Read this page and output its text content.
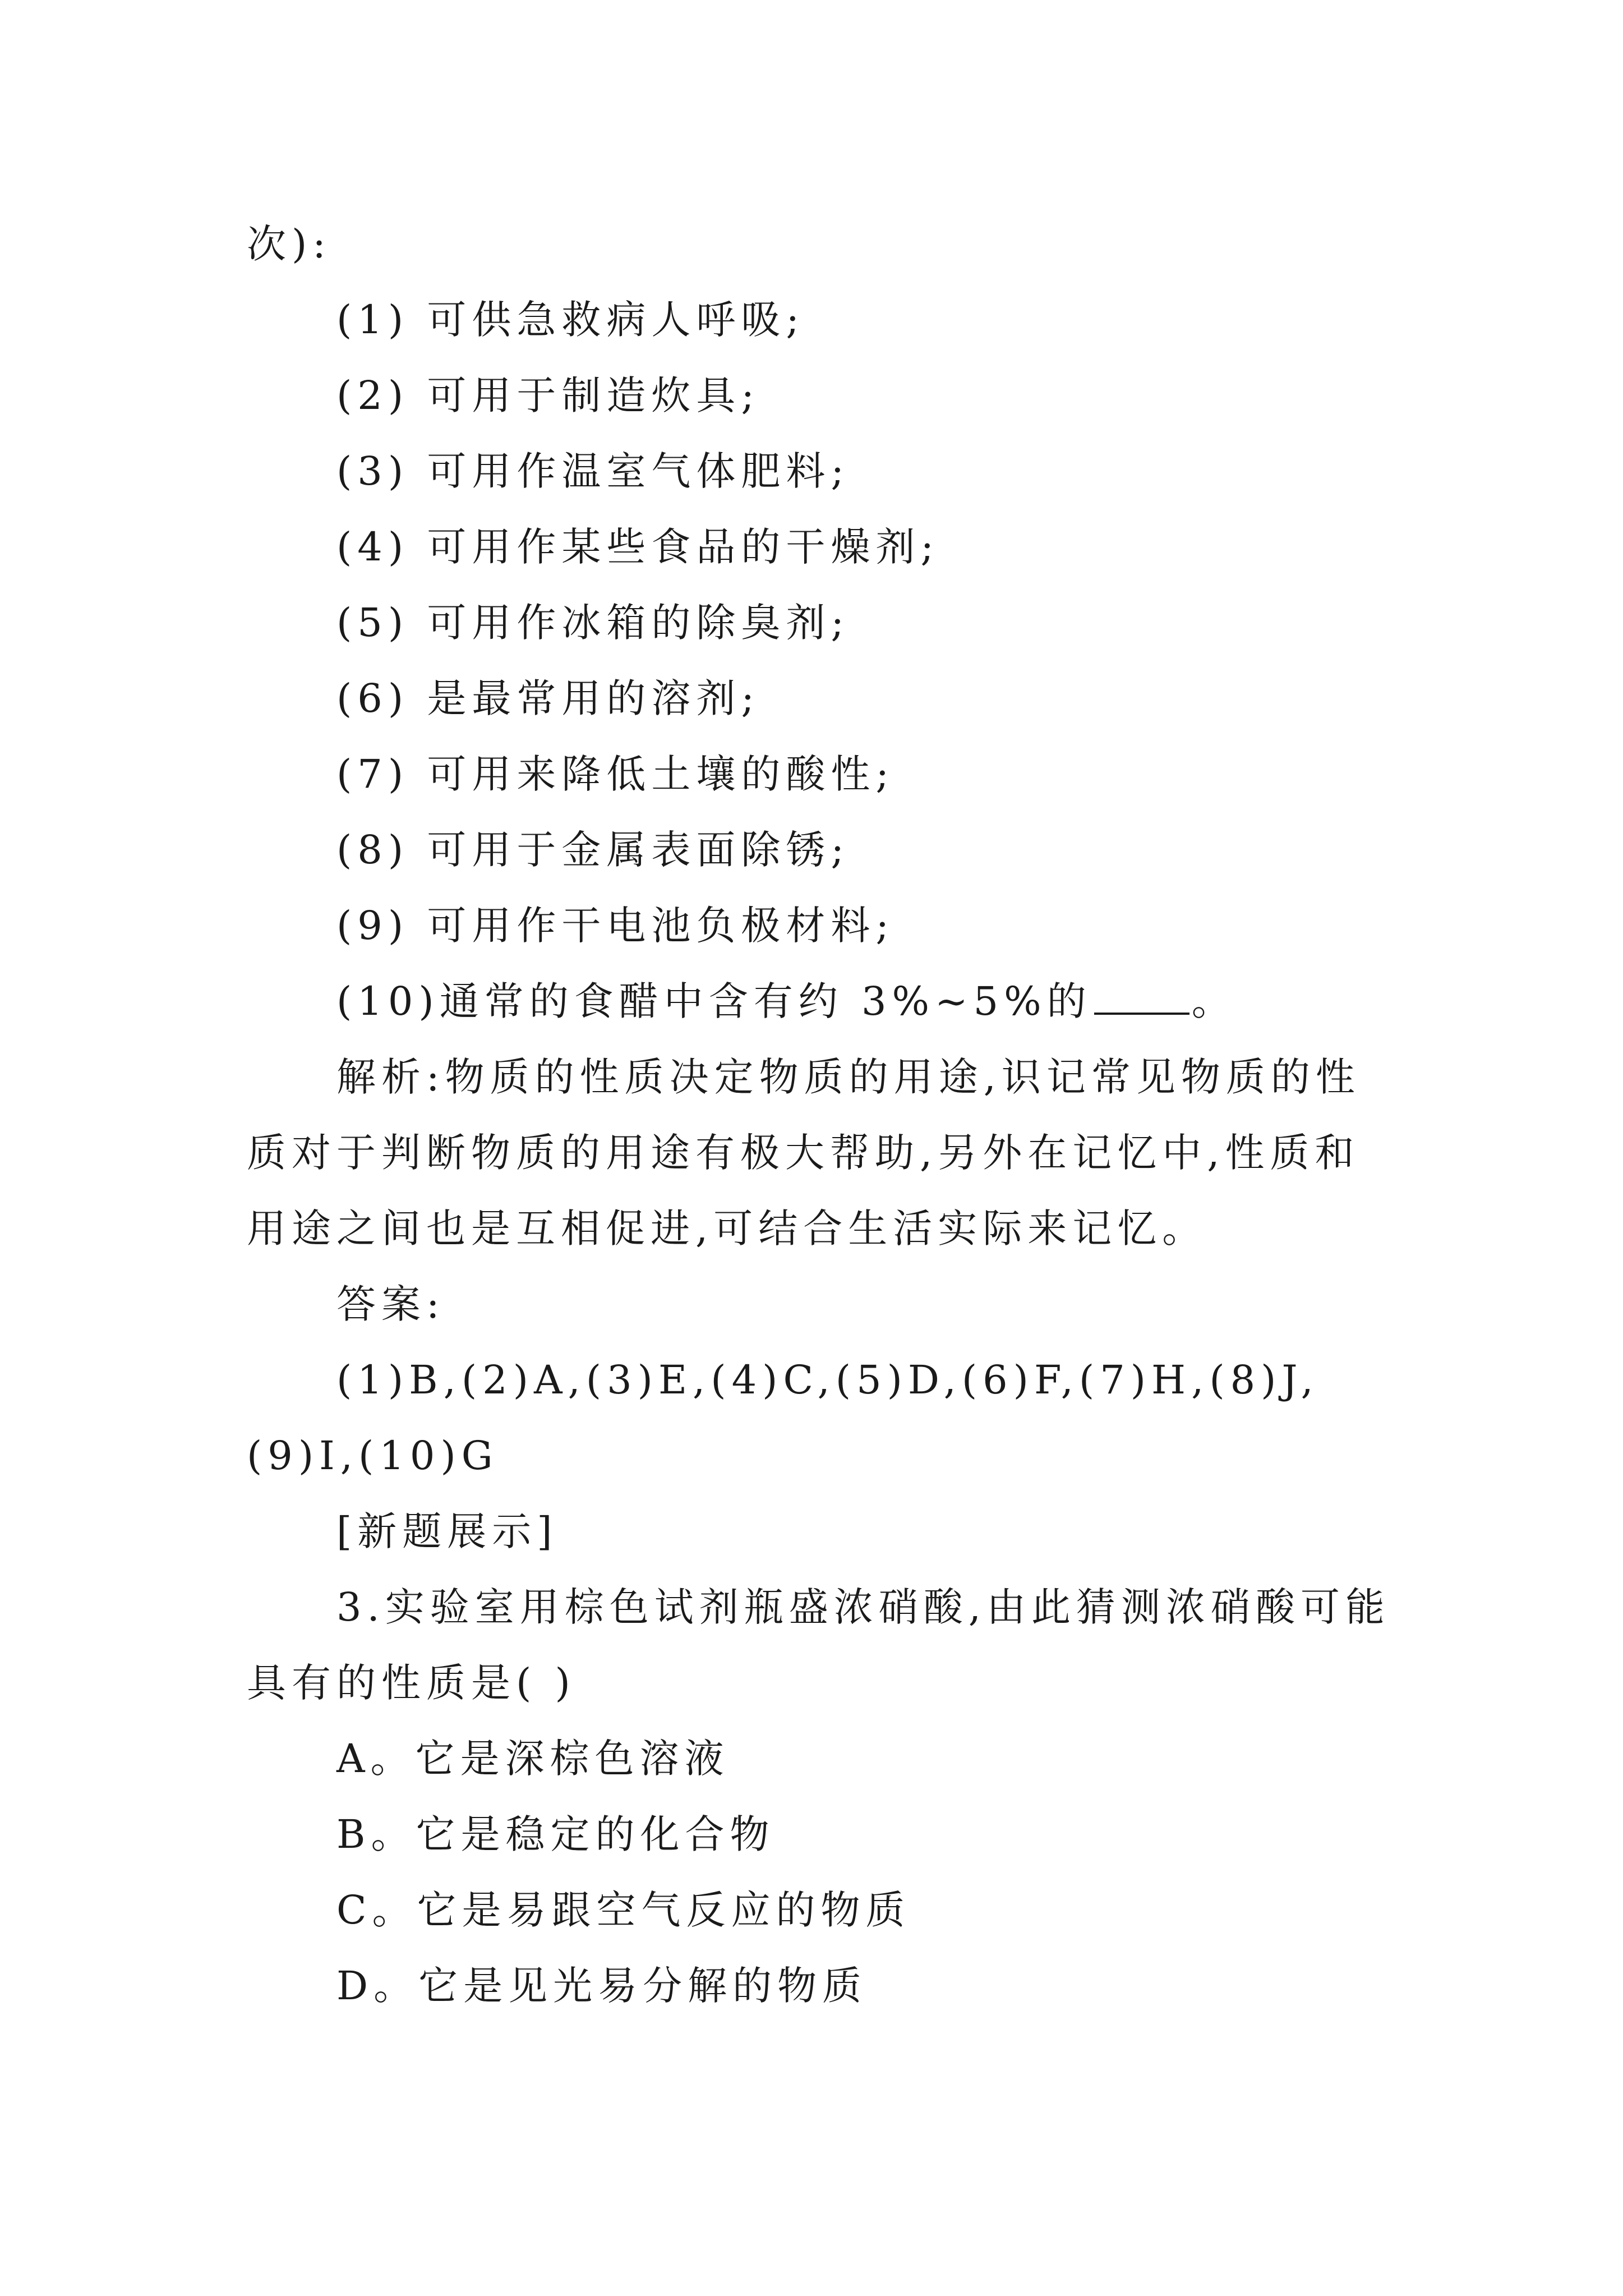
次):
(1) 可供急救病人呼吸;
(2) 可用于制造炊具;
(3) 可用作温室气体肥料;
(4) 可用作某些食品的干燥剂;
(5) 可用作冰箱的除臭剂;
(6) 是最常用的溶剂;
(7) 可用来降低土壤的酸性;
(8) 可用于金属表面除锈;
(9) 可用作干电池负极材料;
(10)通常的食醋中含有约 3%~5%的	。
解析:物质的性质决定物质的用途,识记常见物质的性
质对于判断物质的用途有极大帮助,另外在记忆中,性质和
用途之间也是互相促进,可结合生活实际来记忆。
答案:
(1)B,(2)A,(3)E,(4)C,(5)D,(6)F,(7)H,(8)J,
(9)I,(10)G
[新题展示]
3.实验室用棕色试剂瓶盛浓硝酸,由此猜测浓硝酸可能
具有的性质是( )
A。它是深棕色溶液
B。它是稳定的化合物
C。它是易跟空气反应的物质
D。它是见光易分解的物质
